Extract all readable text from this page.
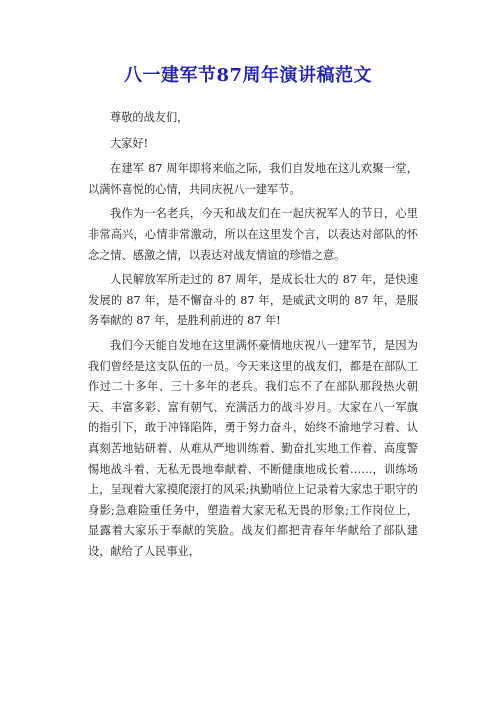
八一建军节87周年演讲稿范文

尊敬的战友们，

大家好!

在建军 87 周年即将来临之际，我们自发地在这儿欢聚一堂，以满怀喜悦的心情，共同庆祝八一建军节。

我作为一名老兵，今天和战友们在一起庆祝军人的节日，心里非常高兴，心情非常激动，所以在这里发个言，以表达对部队的怀念之情、感激之情，以表达对战友情谊的珍惜之意。

人民解放军所走过的 87 周年，是成长壮大的 87 年，是快速发展的 87 年，是不懈奋斗的 87 年，是威武文明的 87 年，是服务奉献的 87 年，是胜利前进的 87 年!

我们今天能自发地在这里满怀豪情地庆祝八一建军节，是因为我们曾经是这支队伍的一员。今天来这里的战友们，都是在部队工作过二十多年、三十多年的老兵。我们忘不了在部队那段热火朝天、丰富多彩、富有朝气、充满活力的战斗岁月。大家在八一军旗的指引下，敢于冲锋陷阵，勇于努力奋斗，始终不渝地学习着、认真刻苦地钻研着、从难从严地训练着、勤奋扎实地工作着、高度警惕地战斗着、无私无畏地奉献着、不断健康地成长着……，训练场上，呈现着大家摸爬滚打的风采;执勤哨位上记录着大家忠于职守的身影;急难险重任务中，塑造着大家无私无畏的形象;工作岗位上，显露着大家乐于奉献的笑脸。战友们都把青春年华献给了部队建设，献给了人民事业，
